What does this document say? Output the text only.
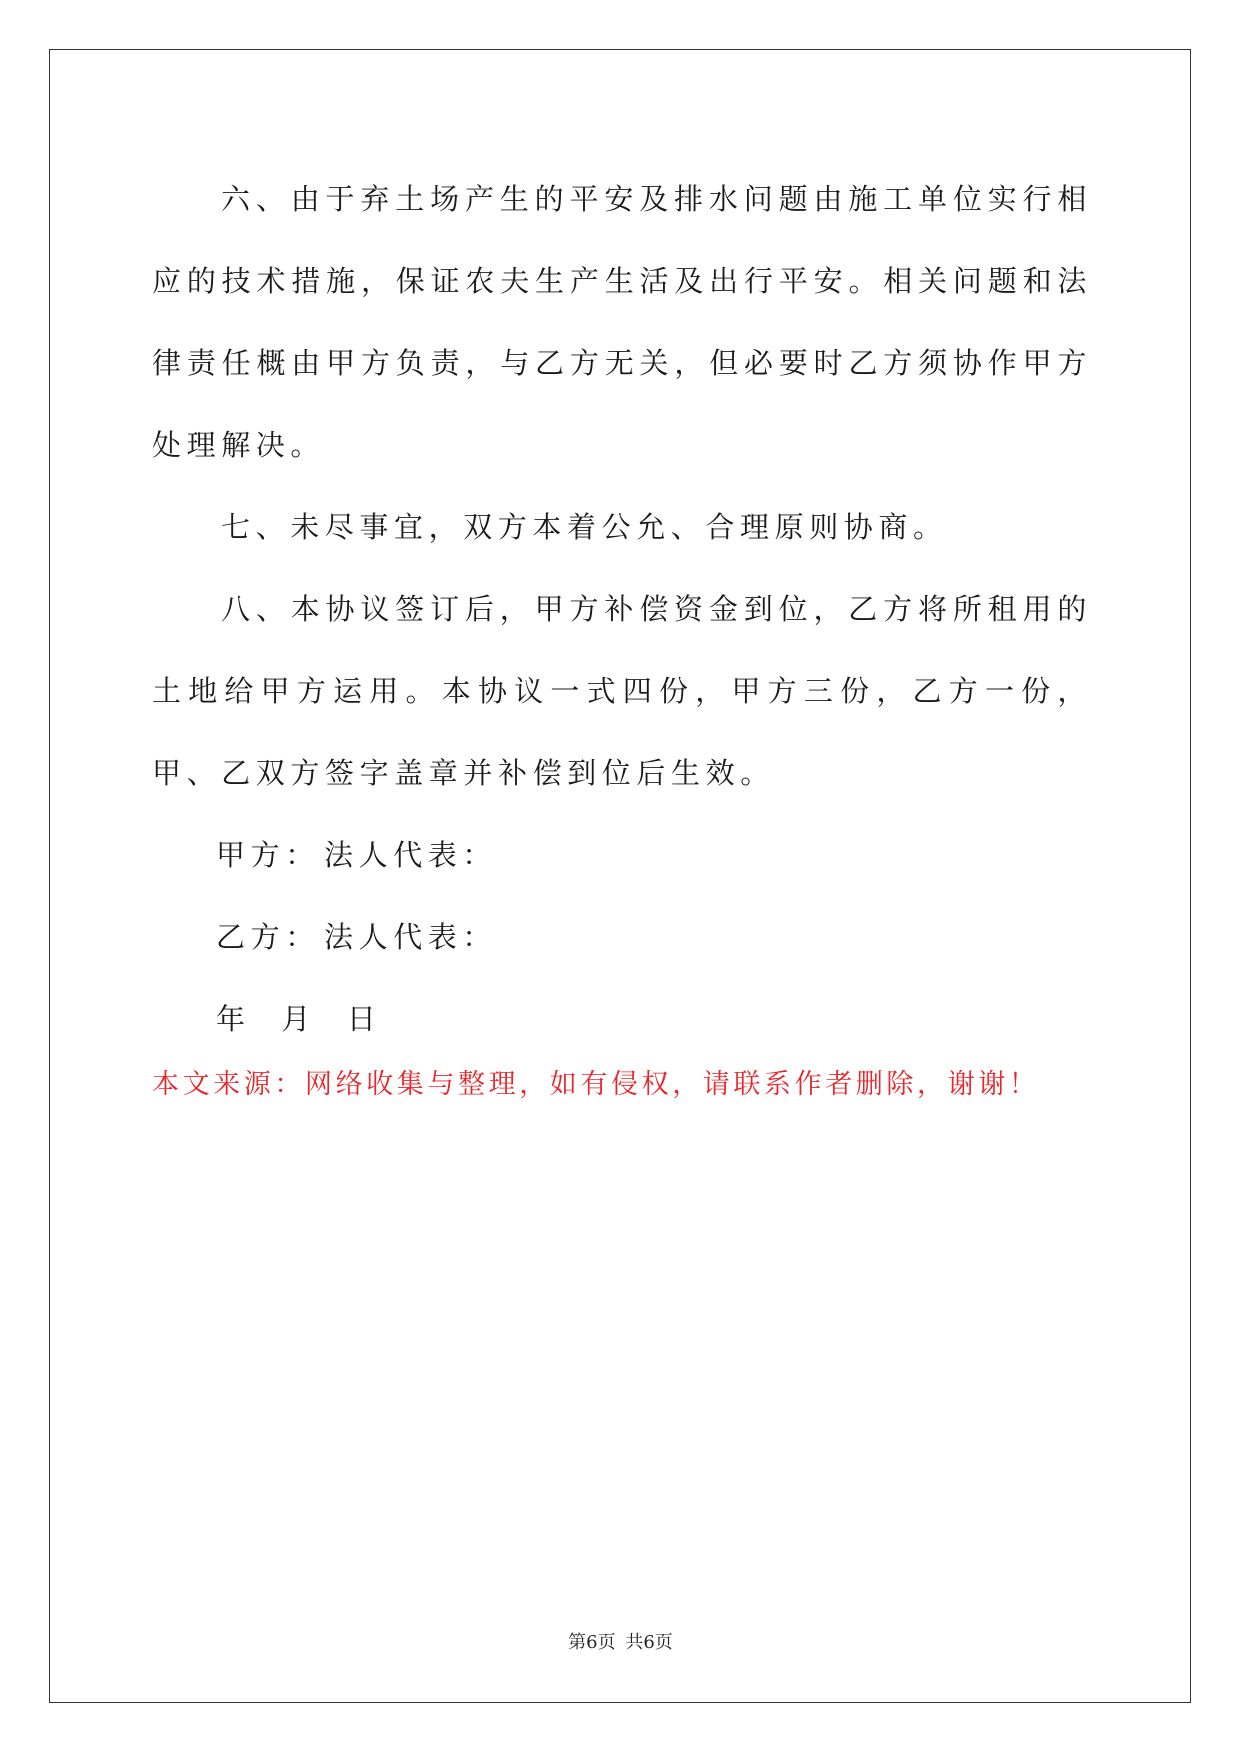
六、由于弃土场产生的平安及排水问题由施工单位实行相应的技术措施，保证农夫生产生活及出行平安。相关问题和法律责任概由甲方负责，与乙方无关，但必要时乙方须协作甲方处理解决。

七、未尽事宜，双方本着公允、合理原则协商。

八、本协议签订后，甲方补偿资金到位，乙方将所租用的土地给甲方运用。本协议一式四份，甲方三份，乙方一份，甲、乙双方签字盖章并补偿到位后生效。

甲方： 法人代表：

乙方： 法人代表：

年 月 日

本文来源：网络收集与整理，如有侵权，请联系作者删除，谢谢！
第6页 共6页
